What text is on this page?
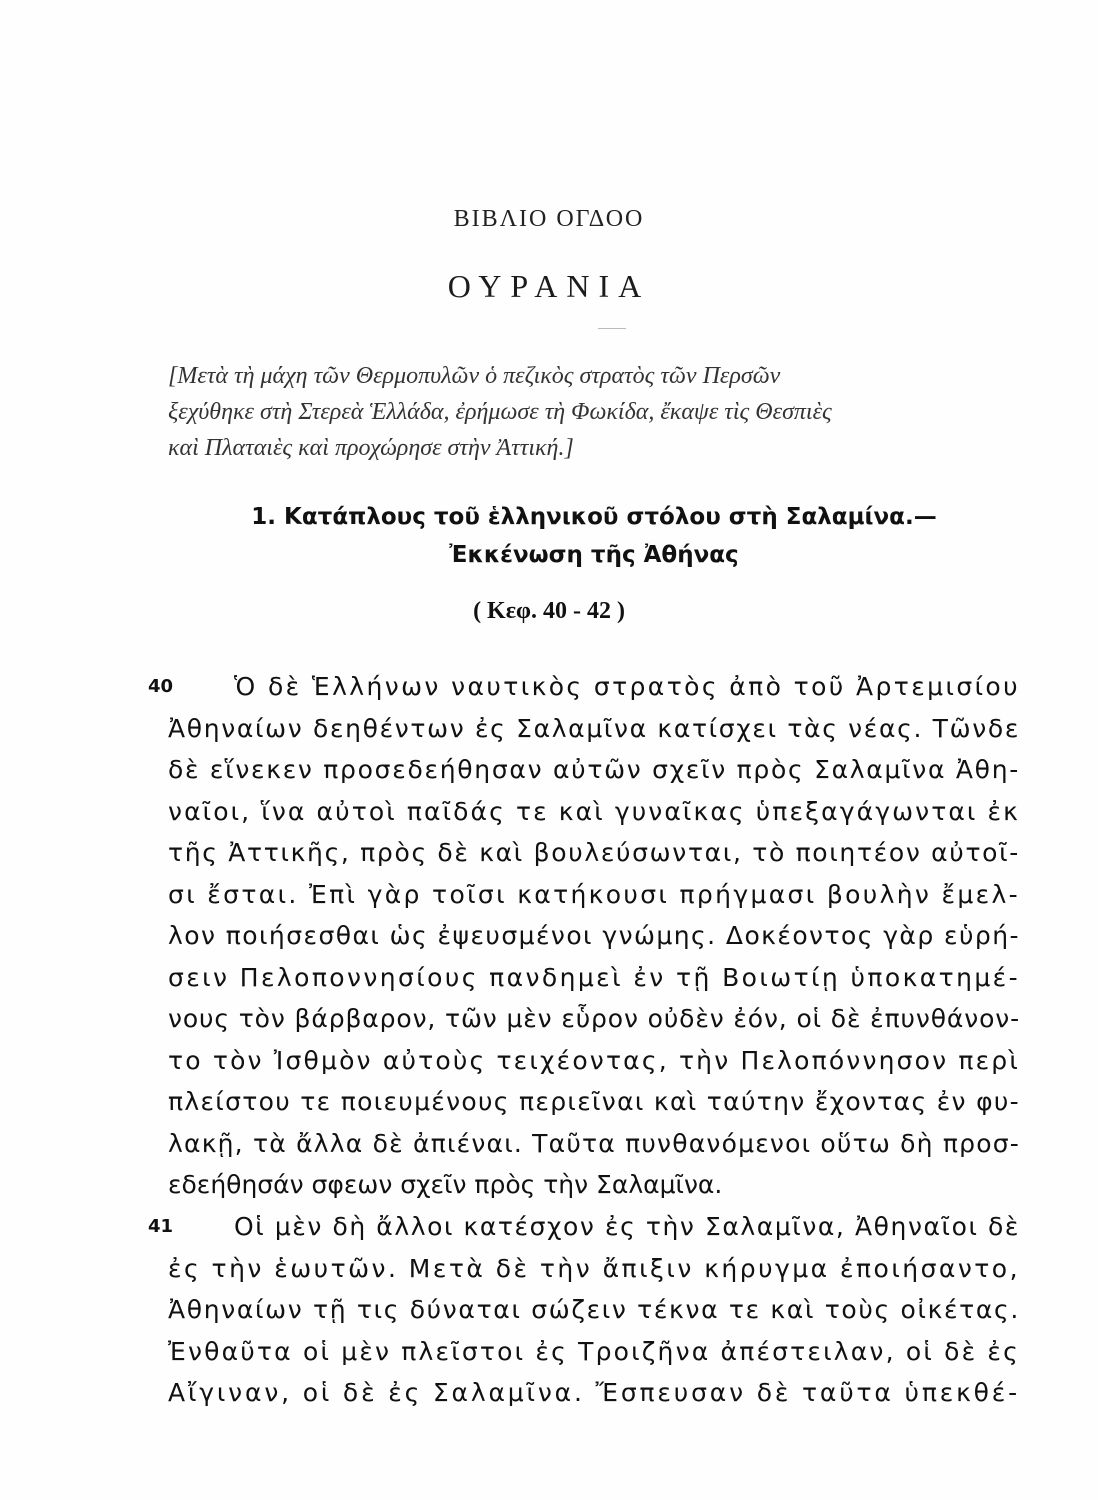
ΒΙΒΛΙΟ ΟΓΔΟΟ
ΟΥΡΑΝΙΑ
[Μετὰ τὴ μάχη τῶν Θερμοπυλῶν ὁ πεζικὸς στρατὸς τῶν Περσῶν
ξεχύθηκε στὴ Στερεὰ Ἑλλάδα, ἐρήμωσε τὴ Φωκίδα, ἔκαψε τὶς Θεσπιὲς
καὶ Πλαταιὲς καὶ προχώρησε στὴν Ἀττική.]
1. Κατάπλους τοῦ ἑλληνικοῦ στόλου στὴ Σαλαμίνα.—
Ἐκκένωση τῆς Ἀθήνας
( Κεφ. 40 - 42 )
40	Ὁ δὲ Ἑλλήνων ναυτικὸς στρατὸς ἀπὸ τοῦ Ἀρτεμισίου
Ἀθηναίων δεηθέντων ἐς Σαλαμῖνα κατίσχει τὰς νέας. Τῶνδε
δὲ εἵνεκεν προσεδεήθησαν αὐτῶν σχεῖν πρὸς Σαλαμῖνα Ἀθη-
ναῖοι, ἵνα αὐτοὶ παῖδάς τε καὶ γυναῖκας ὑπεξαγάγωνται ἐκ
τῆς Ἀττικῆς, πρὸς δὲ καὶ βουλεύσωνται, τὸ ποιητέον αὐτοῖ-
σι ἔσται. Ἐπὶ γὰρ τοῖσι κατήκουσι πρήγμασι βουλὴν ἔμελ-
λον ποιήσεσθαι ὡς ἐψευσμένοι γνώμης. Δοκέοντος γὰρ εὑρή-
σειν Πελοποννησίους πανδημεὶ ἐν τῇ Βοιωτίῃ ὑποκατημέ-
νους τὸν βάρβαρον, τῶν μὲν εὗρον οὐδὲν ἐόν, οἱ δὲ ἐπυνθάνον-
το τὸν Ἰσθμὸν αὐτοὺς τειχέοντας, τὴν Πελοπόννησον περὶ
πλείστου τε ποιευμένους περιεῖναι καὶ ταύτην ἔχοντας ἐν φυ-
λακῇ, τὰ ἄλλα δὲ ἀπιέναι. Ταῦτα πυνθανόμενοι οὕτω δὴ προσ-
εδεήθησάν σφεων σχεῖν πρὸς τὴν Σαλαμῖνα.
41	Οἱ μὲν δὴ ἄλλοι κατέσχον ἐς τὴν Σαλαμῖνα, Ἀθηναῖοι δὲ
ἐς τὴν ἑωυτῶν. Μετὰ δὲ τὴν ἄπιξιν κήρυγμα ἐποιήσαντο,
Ἀθηναίων τῇ τις δύναται σώζειν τέκνα τε καὶ τοὺς οἰκέτας.
Ἐνθαῦτα οἱ μὲν πλεῖστοι ἐς Τροιζῆνα ἀπέστειλαν, οἱ δὲ ἐς
Αἴγιναν, οἱ δὲ ἐς Σαλαμῖνα. Ἔσπευσαν δὲ ταῦτα ὑπεκθέ-
